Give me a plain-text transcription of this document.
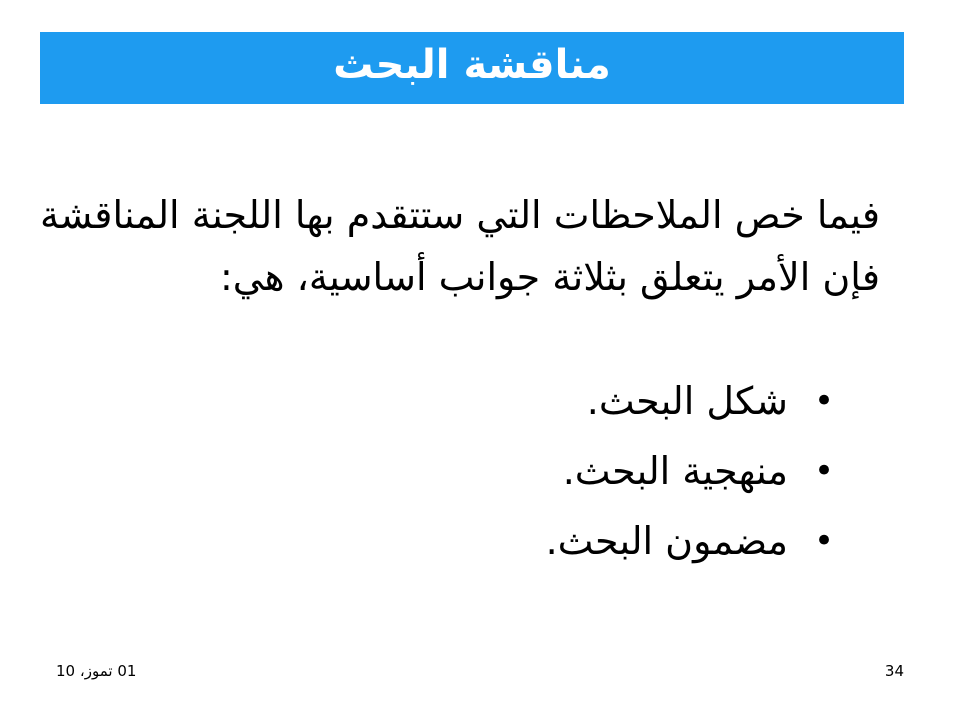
مناقشة البحث
فيما خص الملاحظات التي ستتقدم بها اللجنة المناقشة فإن الأمر يتعلق بثلاثة جوانب أساسية، هي:
•
شكل البحث.
•
منهجية البحث.
•
مضمون البحث.
01 تموز، 10	34
